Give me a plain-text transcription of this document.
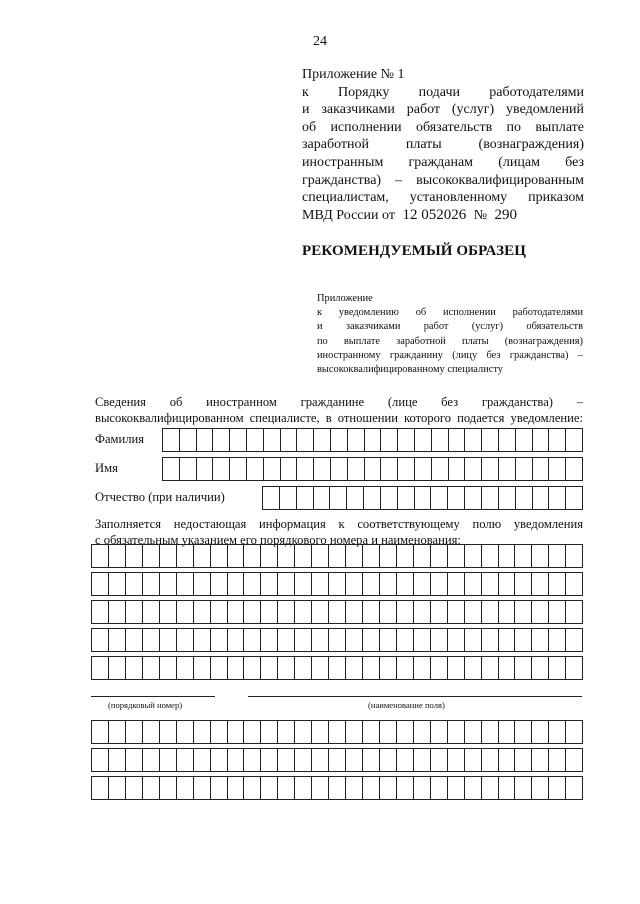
24
Приложение № 1
к Порядку подачи работодателями
и заказчиками работ (услуг) уведомлений
об исполнении обязательств по выплате
заработной платы (вознаграждения)
иностранным гражданам (лицам без
гражданства) – высококвалифицированным
специалистам, установленному приказом
МВД России от 12 052026 № 290
РЕКОМЕНДУЕМЫЙ ОБРАЗЕЦ
Приложение
к уведомлению об исполнении работодателями
и заказчиками работ (услуг) обязательств
по выплате заработной платы (вознаграждения)
иностранному гражданину (лицу без гражданства) –
высококвалифицированному специалисту
Сведения об иностранном гражданине (лице без гражданства) –
высококвалифицированном специалисте, в отношении которого подается уведомление:
Фамилия
Имя
Отчество (при наличии)
Заполняется недостающая информация к соответствующему полю уведомления
с обязательным указанием его порядкового номера и наименования:
(порядковый номер)	(наименование поля)
